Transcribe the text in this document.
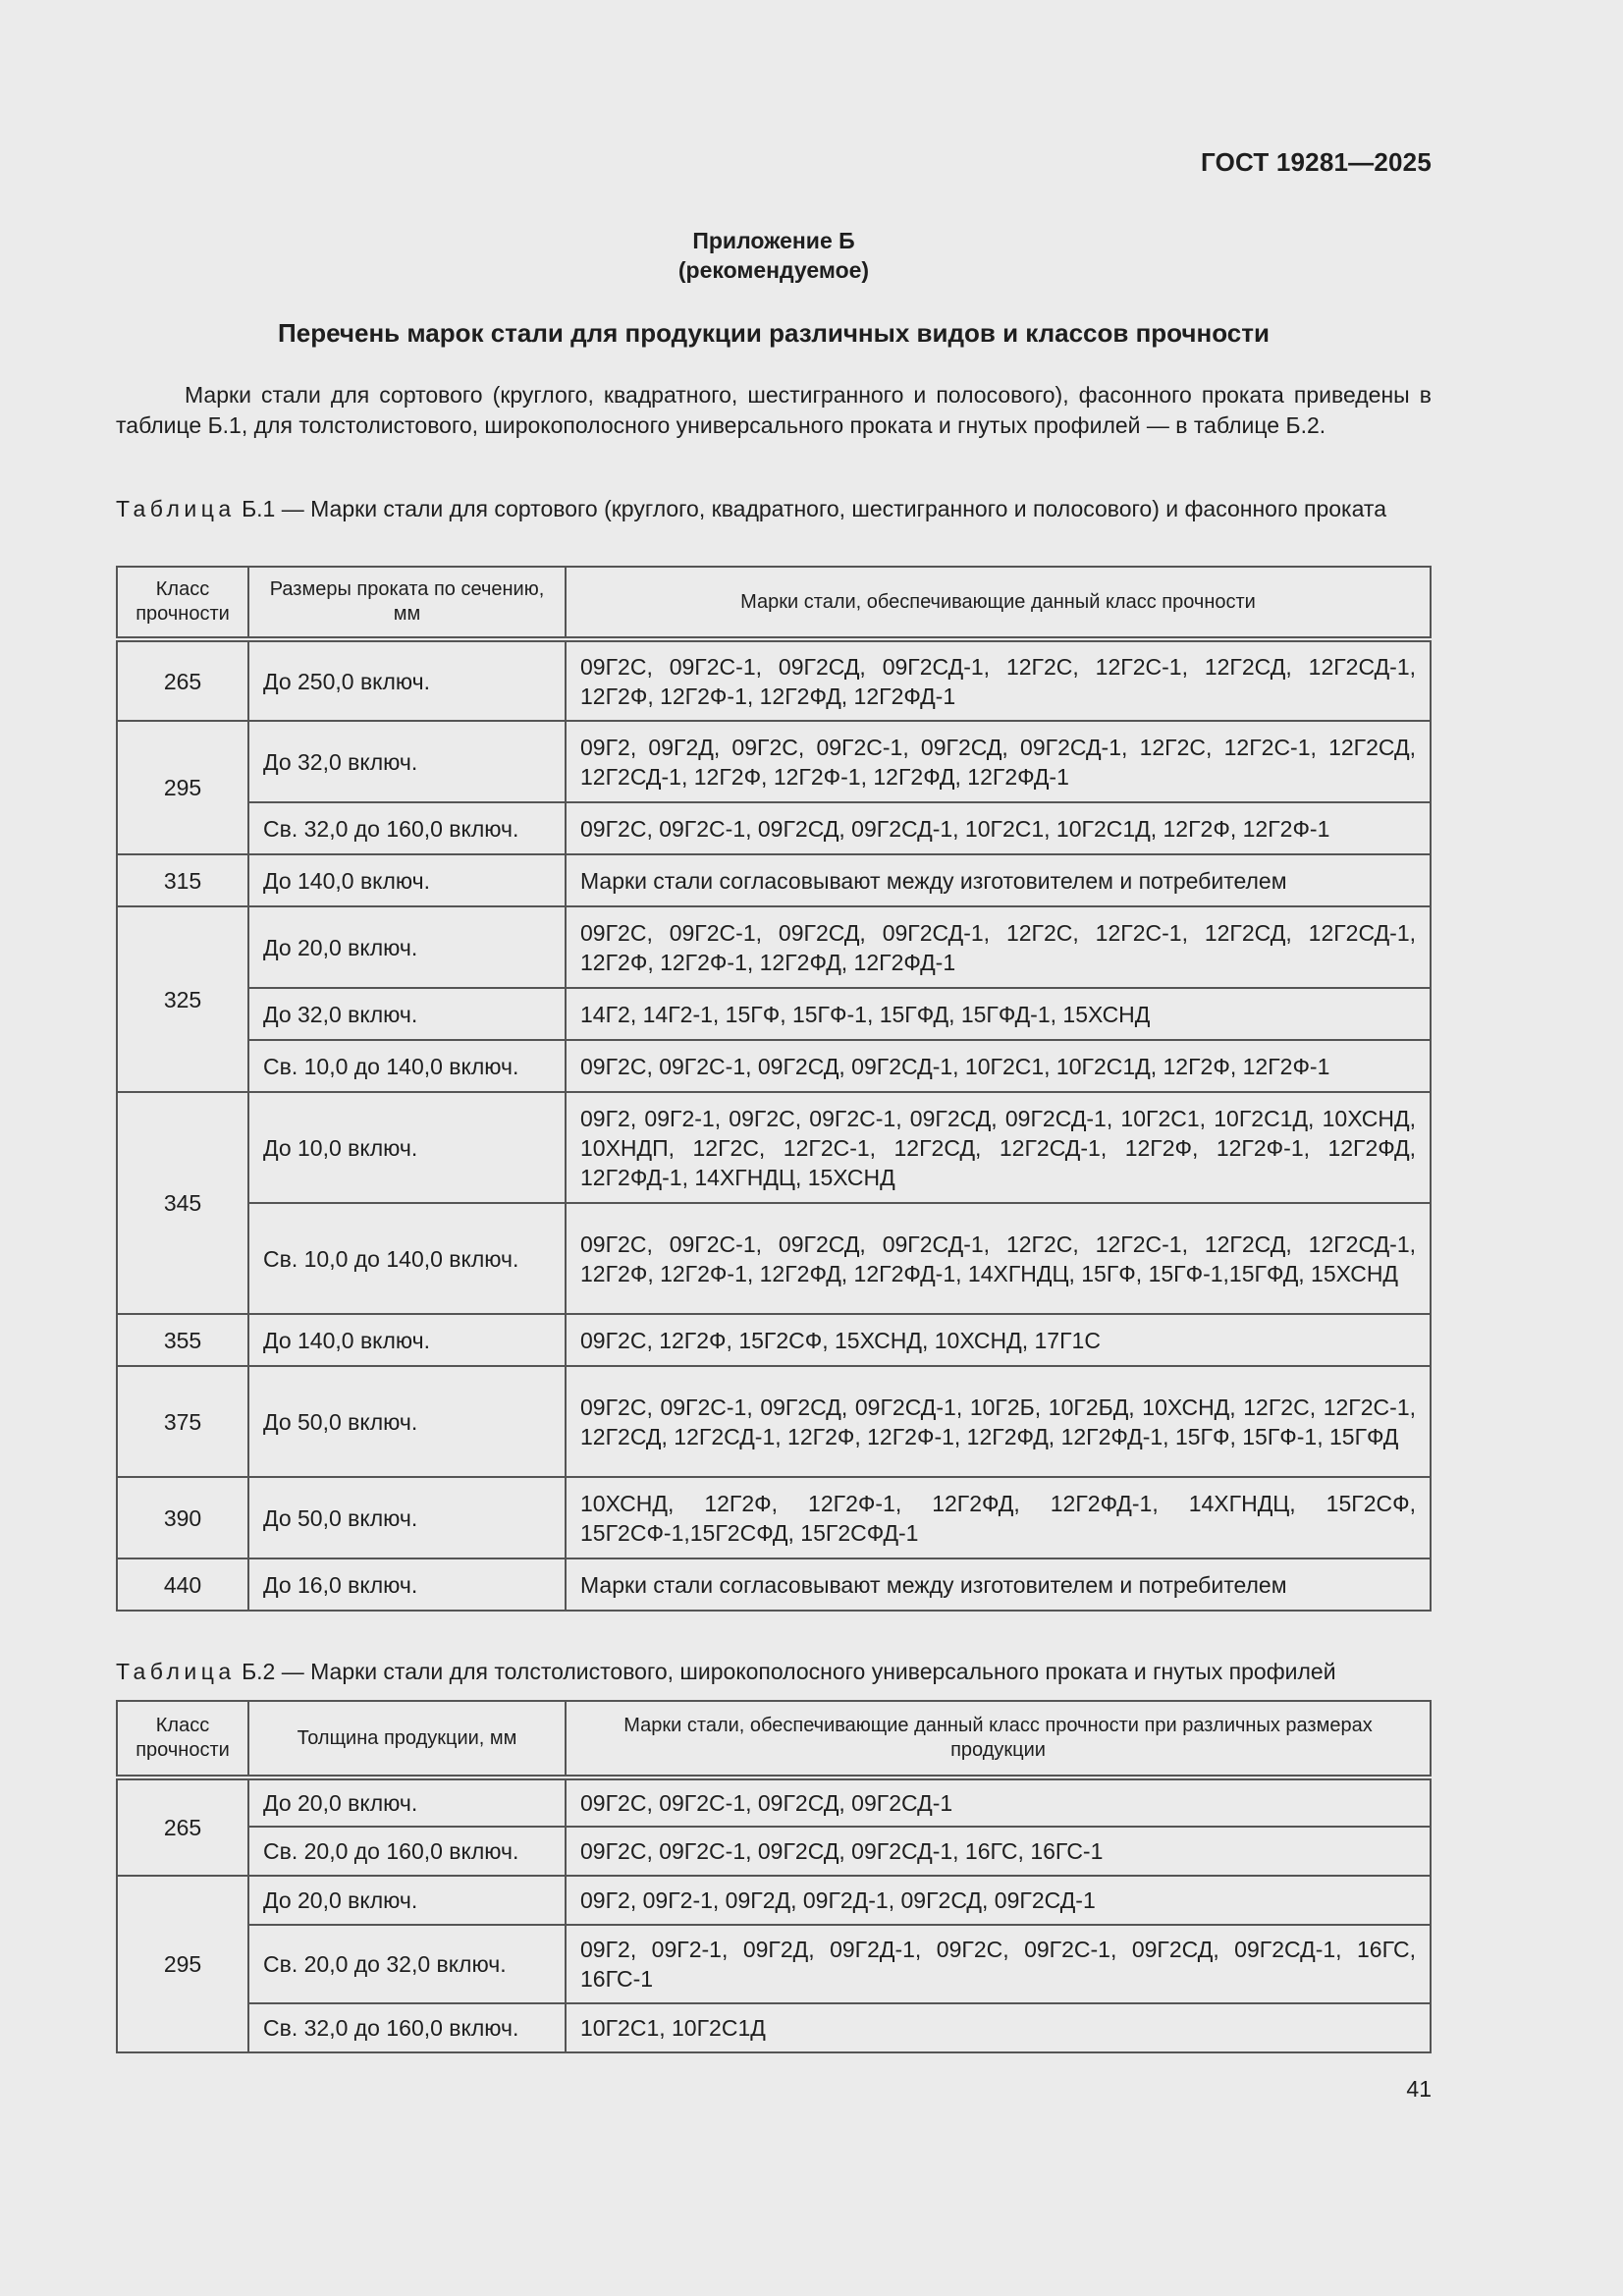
ГОСТ 19281—2025
Приложение Б
(рекомендуемое)
Перечень марок стали для продукции различных видов и классов прочности

Марки стали для сортового (круглого, квадратного, шестигранного и полосового), фасонного проката приведены в таблице Б.1, для толстолистового, широкополосного универсального проката и гнутых профилей — в таблице Б.2.

Таблица Б.1 — Марки стали для сортового (круглого, квадратного, шестигранного и полосового) и фасонного проката

Класс прочности	Размеры проката по сечению, мм	Марки стали, обеспечивающие данный класс прочности
265	До 250,0 включ.	09Г2С, 09Г2С-1, 09Г2СД, 09Г2СД-1, 12Г2С, 12Г2С-1, 12Г2СД, 12Г2СД-1, 12Г2Ф, 12Г2Ф-1, 12Г2ФД, 12Г2ФД-1
295	До 32,0 включ.	09Г2, 09Г2Д, 09Г2С, 09Г2С-1, 09Г2СД, 09Г2СД-1, 12Г2С, 12Г2С-1, 12Г2СД, 12Г2СД-1, 12Г2Ф, 12Г2Ф-1, 12Г2ФД, 12Г2ФД-1
	Св. 32,0 до 160,0 включ.	09Г2С, 09Г2С-1, 09Г2СД, 09Г2СД-1, 10Г2С1, 10Г2С1Д, 12Г2Ф, 12Г2Ф-1
315	До 140,0 включ.	Марки стали согласовывают между изготовителем и потребителем
325	До 20,0 включ.	09Г2С, 09Г2С-1, 09Г2СД, 09Г2СД-1, 12Г2С, 12Г2С-1, 12Г2СД, 12Г2СД-1, 12Г2Ф, 12Г2Ф-1, 12Г2ФД, 12Г2ФД-1
	До 32,0 включ.	14Г2, 14Г2-1, 15ГФ, 15ГФ-1, 15ГФД, 15ГФД-1, 15ХСНД
	Св. 10,0 до 140,0 включ.	09Г2С, 09Г2С-1, 09Г2СД, 09Г2СД-1, 10Г2С1, 10Г2С1Д, 12Г2Ф, 12Г2Ф-1
345	До 10,0 включ.	09Г2, 09Г2-1, 09Г2С, 09Г2С-1, 09Г2СД, 09Г2СД-1, 10Г2С1, 10Г2С1Д, 10ХСНД, 10ХНДП, 12Г2С, 12Г2С-1, 12Г2СД, 12Г2СД-1, 12Г2Ф, 12Г2Ф-1, 12Г2ФД, 12Г2ФД-1, 14ХГНДЦ, 15ХСНД
	Св. 10,0 до 140,0 включ.	09Г2С, 09Г2С-1, 09Г2СД, 09Г2СД-1, 12Г2С, 12Г2С-1, 12Г2СД, 12Г2СД-1, 12Г2Ф, 12Г2Ф-1, 12Г2ФД, 12Г2ФД-1, 14ХГНДЦ, 15ГФ, 15ГФ-1,15ГФД, 15ХСНД
355	До 140,0 включ.	09Г2С, 12Г2Ф, 15Г2СФ, 15ХСНД, 10ХСНД, 17Г1С
375	До 50,0 включ.	09Г2С, 09Г2С-1, 09Г2СД, 09Г2СД-1, 10Г2Б, 10Г2БД, 10ХСНД, 12Г2С, 12Г2С-1, 12Г2СД, 12Г2СД-1, 12Г2Ф, 12Г2Ф-1, 12Г2ФД, 12Г2ФД-1, 15ГФ, 15ГФ-1, 15ГФД
390	До 50,0 включ.	10ХСНД, 12Г2Ф, 12Г2Ф-1, 12Г2ФД, 12Г2ФД-1, 14ХГНДЦ, 15Г2СФ, 15Г2СФ-1,15Г2СФД, 15Г2СФД-1
440	До 16,0 включ.	Марки стали согласовывают между изготовителем и потребителем

Таблица Б.2 — Марки стали для толстолистового, широкополосного универсального проката и гнутых профилей

Класс прочности	Толщина продукции, мм	Марки стали, обеспечивающие данный класс прочности при различных размерах продукции
265	До 20,0 включ.	09Г2С, 09Г2С-1, 09Г2СД, 09Г2СД-1
	Св. 20,0 до 160,0 включ.	09Г2С, 09Г2С-1, 09Г2СД, 09Г2СД-1, 16ГС, 16ГС-1
295	До 20,0 включ.	09Г2, 09Г2-1, 09Г2Д, 09Г2Д-1, 09Г2СД, 09Г2СД-1
	Св. 20,0 до 32,0 включ.	09Г2, 09Г2-1, 09Г2Д, 09Г2Д-1, 09Г2С, 09Г2С-1, 09Г2СД, 09Г2СД-1, 16ГС, 16ГС-1
	Св. 32,0 до 160,0 включ.	10Г2С1, 10Г2С1Д
41
